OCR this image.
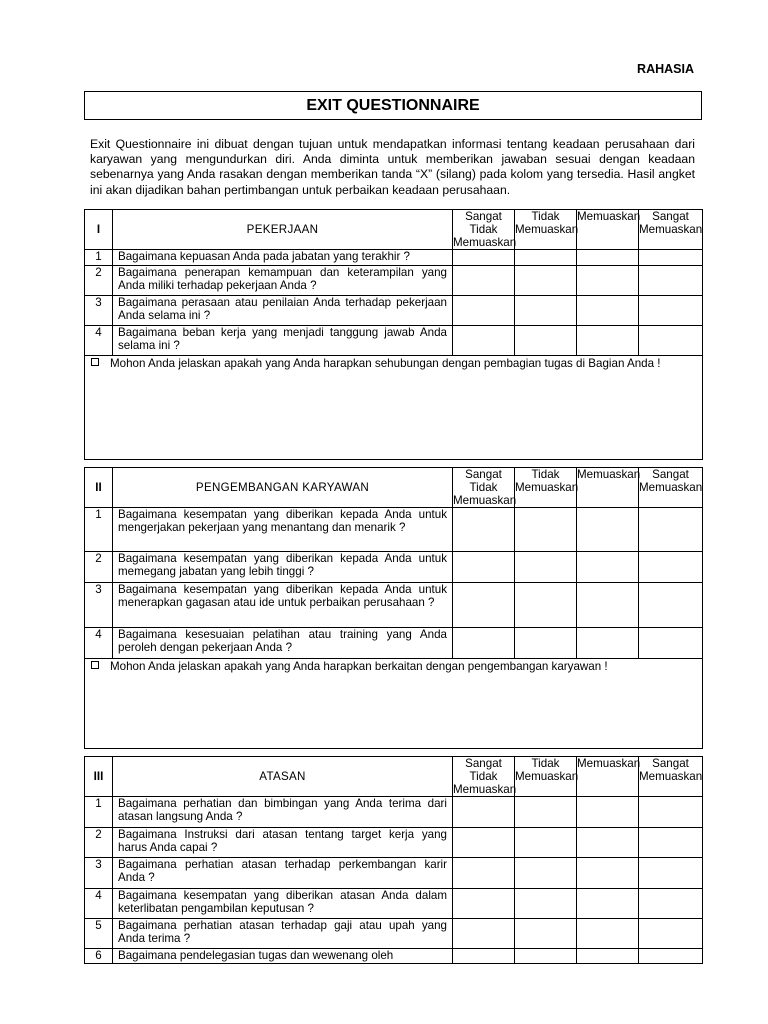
RAHASIA
EXIT QUESTIONNAIRE
Exit Questionnaire ini dibuat dengan tujuan untuk mendapatkan informasi tentang keadaan perusahaan dari karyawan yang mengundurkan diri. Anda diminta untuk memberikan jawaban sesuai dengan keadaan sebenarnya yang Anda rasakan dengan memberikan tanda “X” (silang) pada kolom yang tersedia. Hasil angket ini akan dijadikan bahan pertimbangan untuk perbaikan keadaan perusahaan.
I	PEKERJAAN	Sangat Tidak Memuaskan	Tidak Memuaskan	Memuaskan	Sangat Memuaskan
1	Bagaimana kepuasan Anda pada jabatan yang terakhir ?				
2	Bagaimana penerapan kemampuan dan keterampilan yang Anda miliki terhadap pekerjaan Anda ?				
3	Bagaimana perasaan atau penilaian Anda terhadap pekerjaan Anda selama ini ?				
4	Bagaimana beban kerja yang menjadi tanggung jawab Anda selama ini ?				
Mohon Anda jelaskan apakah yang Anda harapkan sehubungan dengan pembagian tugas di Bagian Anda !					
II	PENGEMBANGAN KARYAWAN	Sangat Tidak Memuaskan	Tidak Memuaskan	Memuaskan	Sangat Memuaskan
1	Bagaimana kesempatan yang diberikan kepada Anda untuk mengerjakan pekerjaan yang menantang dan menarik ?				
2	Bagaimana kesempatan yang diberikan kepada Anda untuk memegang jabatan yang lebih tinggi ?				
3	Bagaimana kesempatan yang diberikan kepada Anda untuk menerapkan gagasan atau ide untuk perbaikan perusahaan ?				
4	Bagaimana kesesuaian pelatihan atau training yang Anda peroleh dengan pekerjaan Anda ?				
Mohon Anda jelaskan apakah yang Anda harapkan berkaitan dengan pengembangan karyawan !					
III	ATASAN	Sangat Tidak Memuaskan	Tidak Memuaskan	Memuaskan	Sangat Memuaskan
1	Bagaimana perhatian dan bimbingan yang Anda terima dari atasan langsung Anda ?				
2	Bagaimana Instruksi dari atasan tentang target kerja yang harus Anda capai ?				
3	Bagaimana perhatian atasan terhadap perkembangan karir Anda ?				
4	Bagaimana kesempatan yang diberikan atasan Anda dalam keterlibatan pengambilan keputusan ?				
5	Bagaimana perhatian atasan terhadap gaji atau upah yang Anda terima ?				
6	Bagaimana pendelegasian tugas dan wewenang oleh				
